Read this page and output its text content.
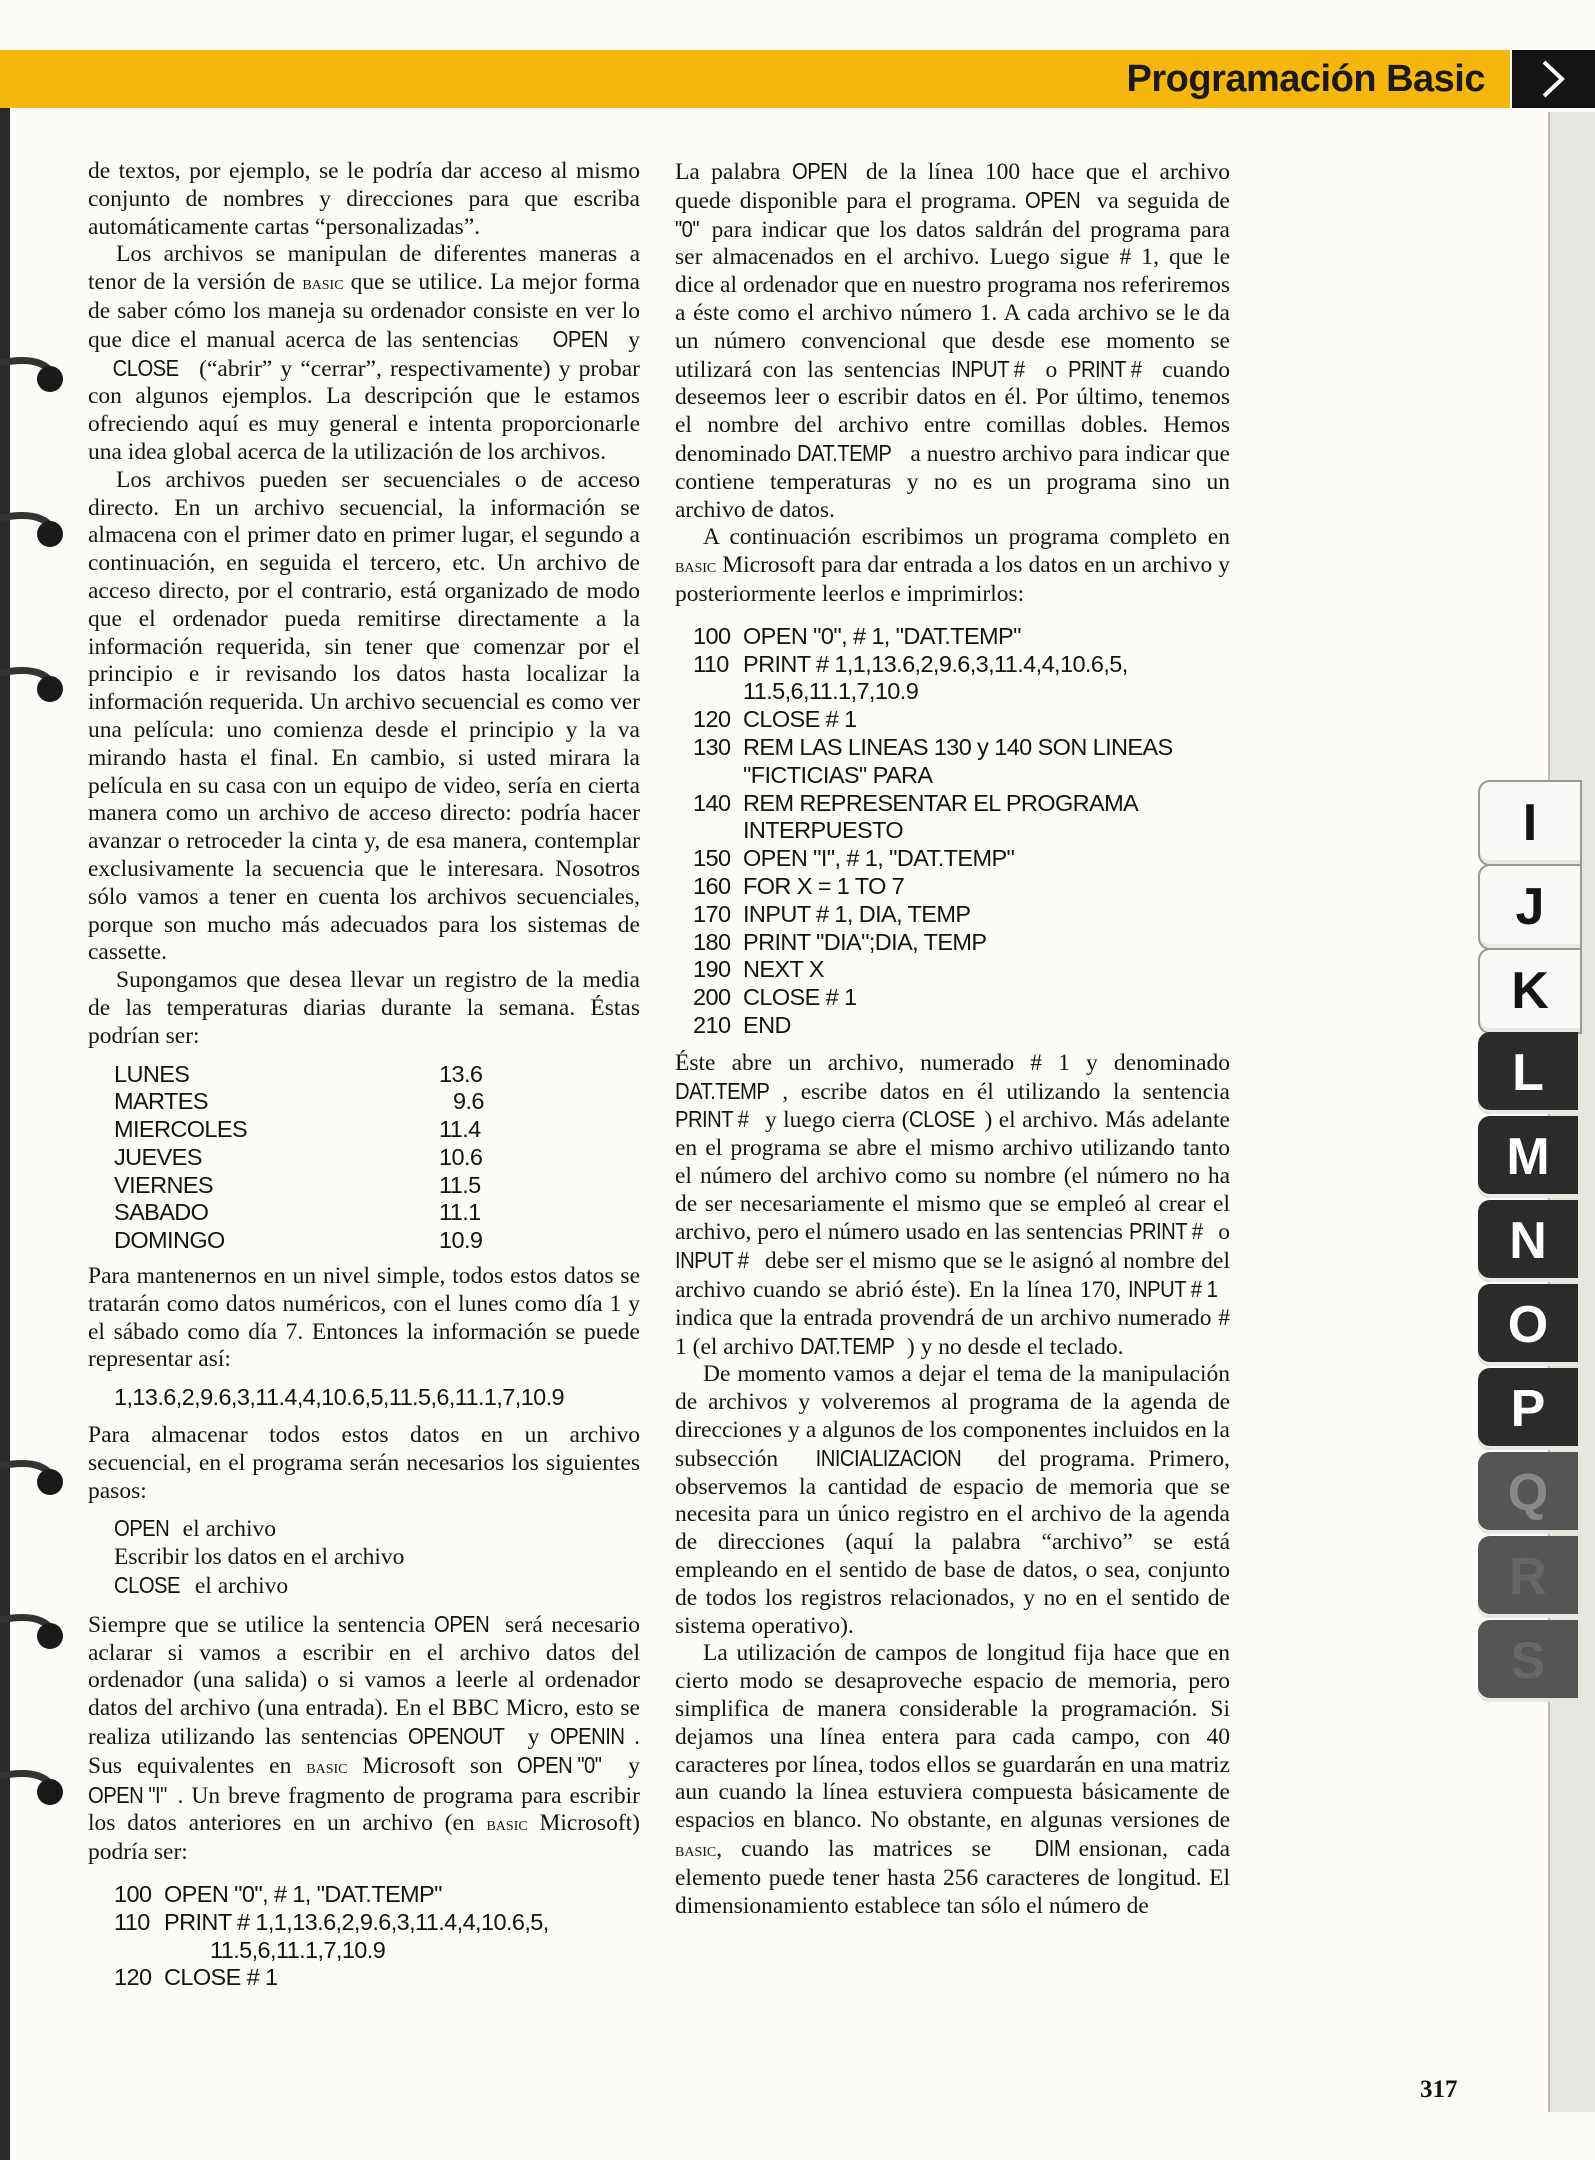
Programación Basic
I
J
K
L
M
N
O
P
Q
R
S

de textos, por ejemplo, se le podría dar acceso al mismo conjunto de nombres y direcciones para que escriba automáticamente cartas “personalizadas”.

Los archivos se manipulan de diferentes maneras a tenor de la versión de basic que se utilice. La mejor forma de saber cómo los maneja su ordenador consiste en ver lo que dice el manual acerca de las sentencias OPEN y CLOSE (“abrir” y “cerrar”, respectivamente) y probar con algunos ejemplos. La descripción que le estamos ofreciendo aquí es muy general e intenta proporcionarle una idea global acerca de la utilización de los archivos.

Los archivos pueden ser secuenciales o de acceso directo. En un archivo secuencial, la información se almacena con el primer dato en primer lugar, el segundo a continuación, en seguida el tercero, etc. Un archivo de acceso directo, por el contrario, está organizado de modo que el ordenador pueda remitirse directamente a la información requerida, sin tener que comenzar por el principio e ir revisando los datos hasta localizar la información requerida. Un archivo secuencial es como ver una película: uno comienza desde el principio y la va mirando hasta el final. En cambio, si usted mirara la película en su casa con un equipo de video, sería en cierta manera como un archivo de acceso directo: podría hacer avanzar o retroceder la cinta y, de esa manera, contemplar exclusivamente la secuencia que le interesara. Nosotros sólo vamos a tener en cuenta los archivos secuenciales, porque son mucho más adecuados para los sistemas de cassette.

Supongamos que desea llevar un registro de la media de las temperaturas diarias durante la semana. Éstas podrían ser:

LUNES	13.6
MARTES	9.6
MIERCOLES	11.4
JUEVES	10.6
VIERNES	11.5
SABADO	11.1
DOMINGO	10.9

Para mantenernos en un nivel simple, todos estos datos se tratarán como datos numéricos, con el lunes como día 1 y el sábado como día 7. Entonces la información se puede representar así:

1,13.6,2,9.6,3,11.4,4,10.6,5,11.5,6,11.1,7,10.9

Para almacenar todos estos datos en un archivo secuencial, en el programa serán necesarios los siguientes pasos:

OPEN el archivo
Escribir los datos en el archivo
CLOSE el archivo

Siempre que se utilice la sentencia OPEN será necesario aclarar si vamos a escribir en el archivo datos del ordenador (una salida) o si vamos a leerle al ordenador datos del archivo (una entrada). En el BBC Micro, esto se realiza utilizando las sentencias OPENOUT y OPENIN . Sus equivalentes en basic Microsoft son OPEN "0" y OPEN "I" . Un breve fragmento de programa para escribir los datos anteriores en un archivo (en basic Microsoft) podría ser:

100 OPEN "0", # 1, "DAT.TEMP"
110 PRINT # 1,1,13.6,2,9.6,3,11.4,4,10.6,5,
11.5,6,11.1,7,10.9
120 CLOSE # 1

La palabra OPEN de la línea 100 hace que el archivo quede disponible para el programa. OPEN va seguida de "0" para indicar que los datos saldrán del programa para ser almacenados en el archivo. Luego sigue # 1, que le dice al ordenador que en nuestro programa nos referiremos a éste como el archivo número 1. A cada archivo se le da un número convencional que desde ese momento se utilizará con las sentencias INPUT # o PRINT # cuando deseemos leer o escribir datos en él. Por último, tenemos el nombre del archivo entre comillas dobles. Hemos denominado DAT.TEMP a nuestro archivo para indicar que contiene temperaturas y no es un programa sino un archivo de datos.

A continuación escribimos un programa completo en basic Microsoft para dar entrada a los datos en un archivo y posteriormente leerlos e imprimirlos:

100 OPEN "0", # 1, "DAT.TEMP"
110 PRINT # 1,1,13.6,2,9.6,3,11.4,4,10.6,5,
11.5,6,11.1,7,10.9
120 CLOSE # 1
130 REM LAS LINEAS 130 y 140 SON LINEAS
"FICTICIAS" PARA
140 REM REPRESENTAR EL PROGRAMA
INTERPUESTO
150 OPEN "I", # 1, "DAT.TEMP"
160 FOR X = 1 TO 7
170 INPUT # 1, DIA, TEMP
180 PRINT "DIA";DIA, TEMP
190 NEXT X
200 CLOSE # 1
210 END

Éste abre un archivo, numerado # 1 y denominado DAT.TEMP , escribe datos en él utilizando la sentencia PRINT # y luego cierra (CLOSE ) el archivo. Más adelante en el programa se abre el mismo archivo utilizando tanto el número del archivo como su nombre (el número no ha de ser necesariamente el mismo que se empleó al crear el archivo, pero el número usado en las sentencias PRINT # o INPUT # debe ser el mismo que se le asignó al nombre del archivo cuando se abrió éste). En la línea 170, INPUT # 1 indica que la entrada provendrá de un archivo numerado # 1 (el archivo DAT.TEMP ) y no desde el teclado.

De momento vamos a dejar el tema de la manipulación de archivos y volveremos al programa de la agenda de direcciones y a algunos de los componentes incluidos en la subsección INICIALIZACION del programa. Primero, observemos la cantidad de espacio de memoria que se necesita para un único registro en el archivo de la agenda de direcciones (aquí la palabra “archivo” se está empleando en el sentido de base de datos, o sea, conjunto de todos los registros relacionados, y no en el sentido de sistema operativo).

La utilización de campos de longitud fija hace que en cierto modo se desaproveche espacio de memoria, pero simplifica de manera considerable la programación. Si dejamos una línea entera para cada campo, con 40 caracteres por línea, todos ellos se guardarán en una matriz aun cuando la línea estuviera compuesta básicamente de espacios en blanco. No obstante, en algunas versiones de basic, cuando las matrices se DIM ensionan, cada elemento puede tener hasta 256 caracteres de longitud. El dimensionamiento establece tan sólo el número de

317
